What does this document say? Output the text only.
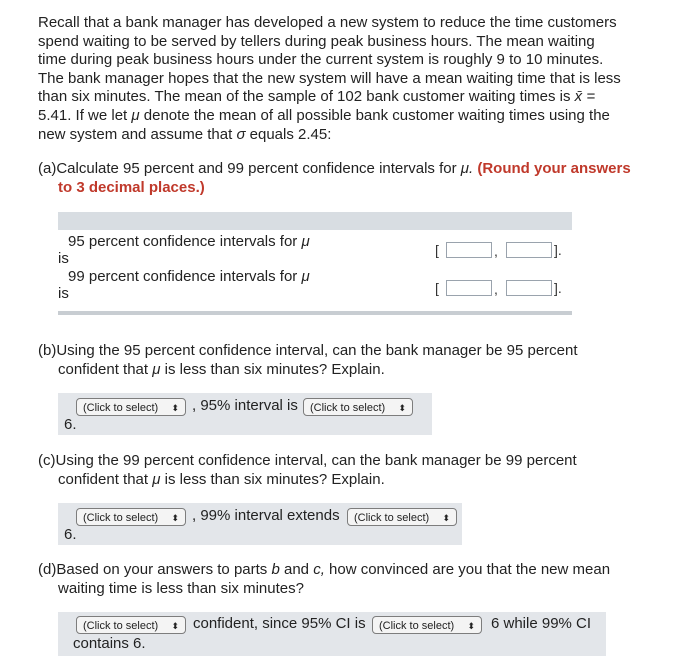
Recall that a bank manager has developed a new system to reduce the time customers
spend waiting to be served by tellers during peak business hours. The mean waiting
time during peak business hours under the current system is roughly 9 to 10 minutes.
The bank manager hopes that the new system will have a mean waiting time that is less
than six minutes. The mean of the sample of 102 bank customer waiting times is x̄ =
5.41. If we let μ denote the mean of all possible bank customer waiting times using the
new system and assume that σ equals 2.45:
(a)Calculate 95 percent and 99 percent confidence intervals for μ. (Round your answers
to 3 decimal places.)
95 percent confidence intervals for μ
is	[	,	].
99 percent confidence intervals for μ
is	[	,	].
(b)Using the 95 percent confidence interval, can the bank manager be 95 percent
confident that μ is less than six minutes? Explain.
(Click to select) ⬍ , 95% interval is	(Click to select) ⬍
6.
(c)Using the 99 percent confidence interval, can the bank manager be 99 percent
confident that μ is less than six minutes? Explain.
(Click to select) ⬍ , 99% interval extends	(Click to select) ⬍
6.
(d)Based on your answers to parts b and c, how convinced are you that the new mean
waiting time is less than six minutes?
(Click to select) ⬍ confident, since 95% CI is	(Click to select) ⬍ 6 while 99% CI
contains 6.
